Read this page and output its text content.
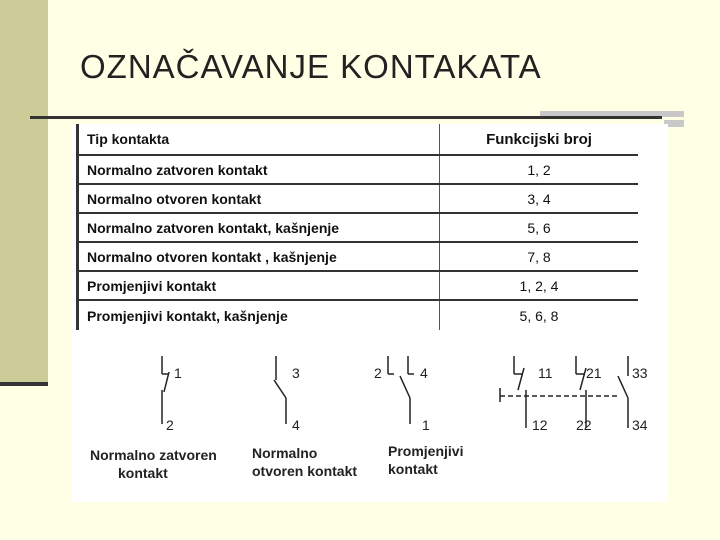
OZNAČAVANJE KONTAKATA
Tip kontakta	Funkcijski broj
Normalno zatvoren kontakt	1, 2
Normalno otvoren kontakt	3, 4
Normalno zatvoren kontakt, kašnjenje	5, 6
Normalno otvoren kontakt , kašnjenje	7, 8
Promjenjivi kontakt	1, 2, 4
Promjenjivi kontakt, kašnjenje	5, 6, 8
1
2
3
4
2	4
1
11 21 33
12 22	34
Normalno zatvoren
kontakt
Normalno
otvoren kontakt
Promjenjivi
kontakt
